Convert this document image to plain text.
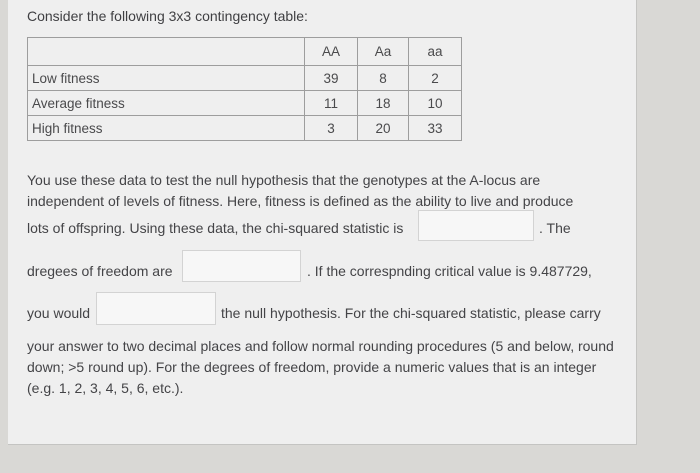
Consider the following 3x3 contingency table:
	AA	Aa	aa
Low fitness	39	8	2
Average fitness	11	18	10
High fitness	3	20	33
You use these data to test the null hypothesis that the genotypes at the A-locus are independent of levels of fitness. Here, fitness is defined as the ability to live and produce
lots of offspring. Using these data, the chi-squared statistic is	. The
dregees of freedom are	. If the correspnding critical value is 9.487729,
you would	the null hypothesis. For the chi-squared statistic, please carry
your answer to two decimal places and follow normal rounding procedures (5 and below, round down; >5 round up). For the degrees of freedom, provide a numeric values that is an integer (e.g. 1, 2, 3, 4, 5, 6, etc.).
